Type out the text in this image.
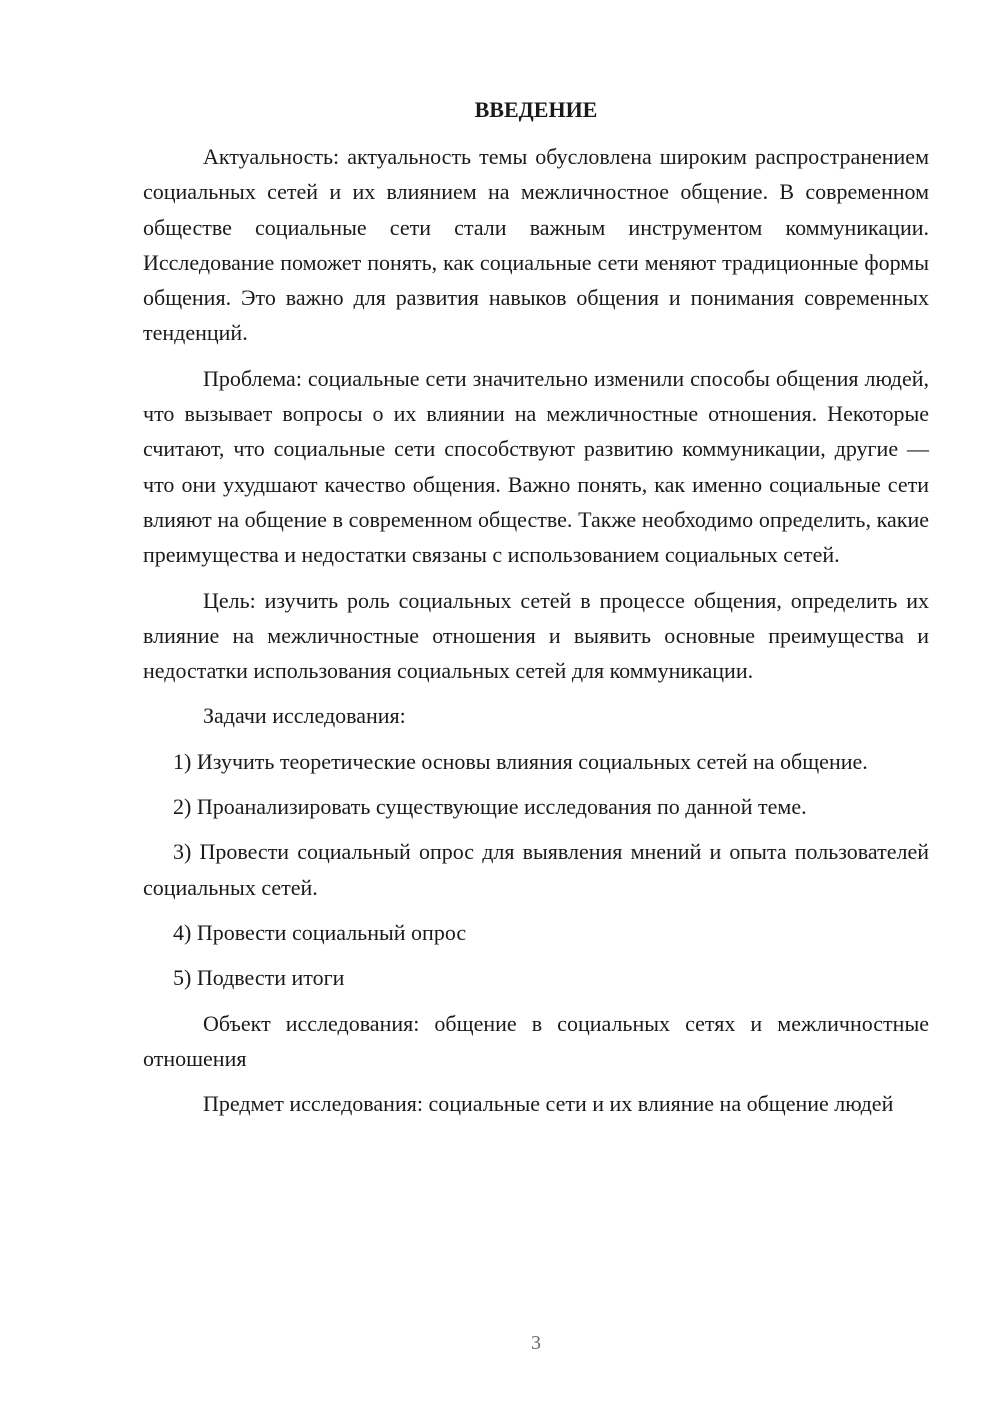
ВВЕДЕНИЕ

Актуальность: актуальность темы обусловлена широким распространением социальных сетей и их влиянием на межличностное общение. В современном обществе социальные сети стали важным инструментом коммуникации. Исследование поможет понять, как социальные сети меняют традиционные формы общения. Это важно для развития навыков общения и понимания современных тенденций.

Проблема: социальные сети значительно изменили способы общения людей, что вызывает вопросы о их влиянии на межличностные отношения. Некоторые считают, что социальные сети способствуют развитию коммуникации, другие — что они ухудшают качество общения. Важно понять, как именно социальные сети влияют на общение в современном обществе. Также необходимо определить, какие преимущества и недостатки связаны с использованием социальных сетей.

Цель: изучить роль социальных сетей в процессе общения, определить их влияние на межличностные отношения и выявить основные преимущества и недостатки использования социальных сетей для коммуникации.

Задачи исследования:

1) Изучить теоретические основы влияния социальных сетей на общение.

2) Проанализировать существующие исследования по данной теме.

3) Провести социальный опрос для выявления мнений и опыта пользователей социальных сетей.

4) Провести социальный опрос

5) Подвести итоги

Объект исследования: общение в социальных сетях и межличностные отношения

Предмет исследования: социальные сети и их влияние на общение людей

3
